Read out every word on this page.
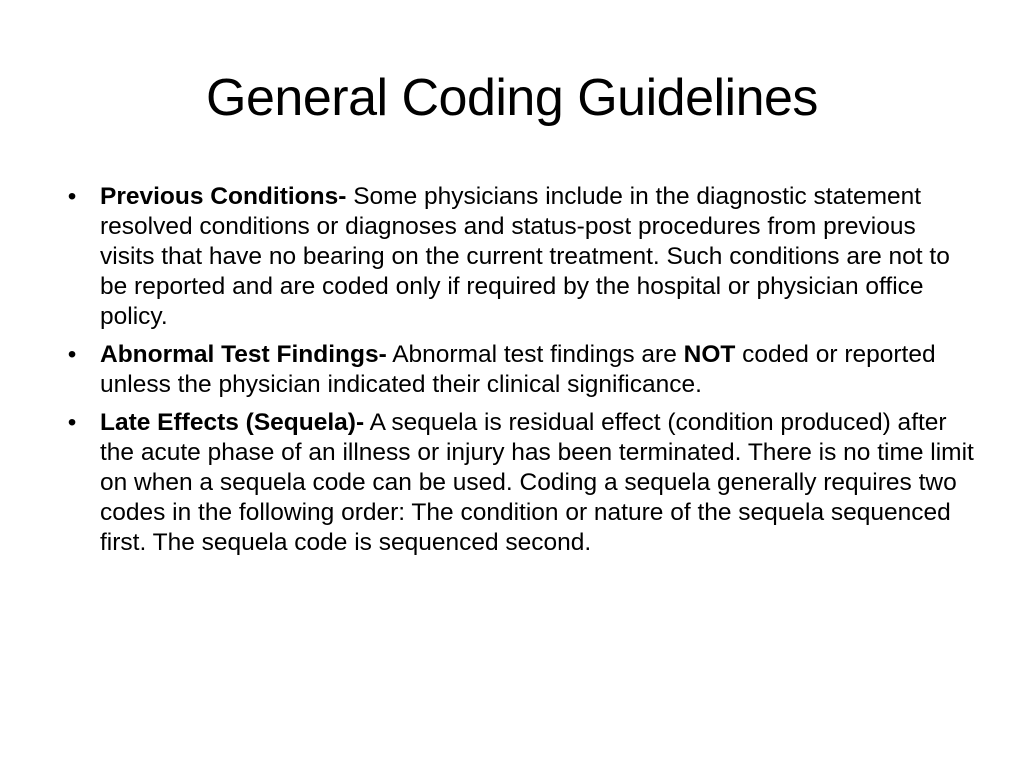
General Coding Guidelines
• Previous Conditions- Some physicians include in the diagnostic statement resolved conditions or diagnoses and status-post procedures from previous visits that have no bearing on the current treatment. Such conditions are not to be reported and are coded only if required by the hospital or physician office policy.
• Abnormal Test Findings- Abnormal test findings are NOT coded or reported unless the physician indicated their clinical significance.
• Late Effects (Sequela)- A sequela is residual effect (condition produced) after the acute phase of an illness or injury has been terminated. There is no time limit on when a sequela code can be used. Coding a sequela generally requires two codes in the following order: The condition or nature of the sequela sequenced first. The sequela code is sequenced second.
